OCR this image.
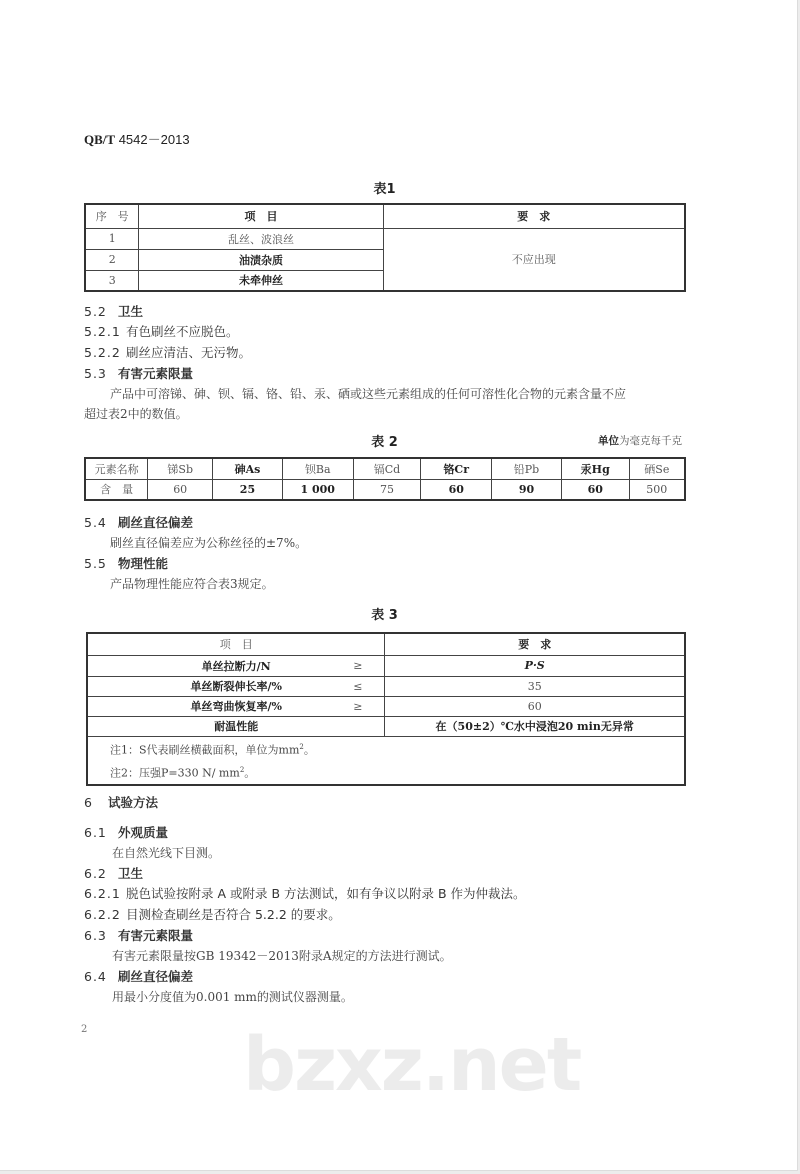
QB/T 4542－2013
表1
序　号	项　目	要　求
1	乱丝、波浪丝	不应出现
2	油渍杂质	
3	未牵伸丝	
5.2 卫生
5.2.1 有色刷丝不应脱色。
5.2.2 刷丝应清洁、无污物。
5.3 有害元素限量
产品中可溶锑、砷、钡、镉、铬、铅、汞、硒或这些元素组成的任何可溶性化合物的元素含量不应
超过表2中的数值。
表 2	单位为毫克每千克
元素名称	锑Sb	砷As	钡Ba	镉Cd	铬Cr	铅Pb	汞Hg	硒Se
含　量	60	25	1 000	75	60	90	60	500
5.4 刷丝直径偏差
刷丝直径偏差应为公称丝径的±7%。
5.5 物理性能
产品物理性能应符合表3规定。
表 3
项　目	要　求
单丝拉断力/N ≥	P·S
单丝断裂伸长率/% ≤	35
单丝弯曲恢复率/% ≥	60
耐温性能	在（50±2）℃水中浸泡20 min无异常

注1：S代表刷丝横截面积，单位为$mm^2$。
注2：压强P=330 N/ $mm^2$。	
6 试验方法
6.1 外观质量
在自然光线下目测。
6.2 卫生
6.2.1 脱色试验按附录 A 或附录 B 方法测试，如有争议以附录 B 作为仲裁法。
6.2.2 目测检查刷丝是否符合 5.2.2 的要求。
6.3 有害元素限量
有害元素限量按GB 19342－2013附录A规定的方法进行测试。
6.4 刷丝直径偏差
用最小分度值为0.001 mm的测试仪器测量。
2 bzxz.net
